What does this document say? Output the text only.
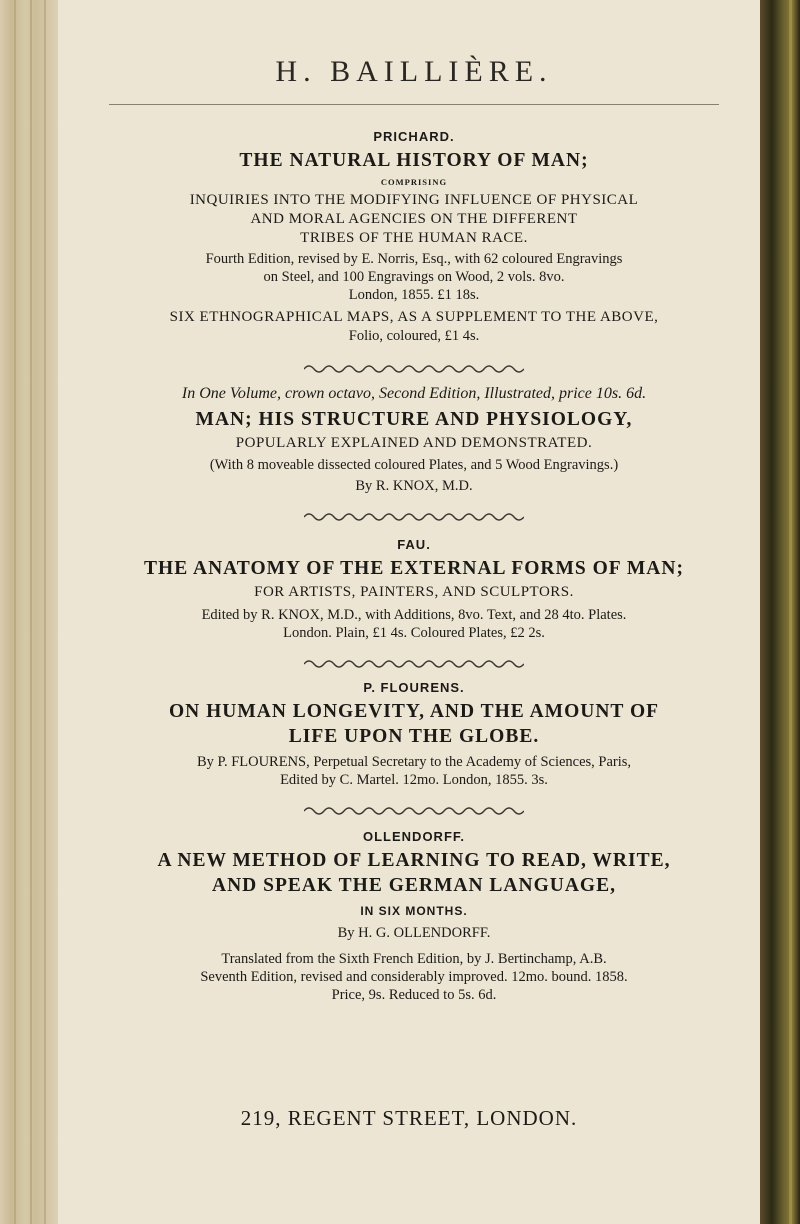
H. BAILLIÈRE.

PRICHARD.

THE NATURAL HISTORY OF MAN;

COMPRISING

INQUIRIES INTO THE MODIFYING INFLUENCE OF PHYSICAL

AND MORAL AGENCIES ON THE DIFFERENT

TRIBES OF THE HUMAN RACE.

Fourth Edition, revised by E. Norris, Esq., with 62 coloured Engravings

on Steel, and 100 Engravings on Wood, 2 vols. 8vo.

London, 1855. £1 18s.

SIX ETHNOGRAPHICAL MAPS, AS A SUPPLEMENT TO THE ABOVE,

Folio, coloured, £1 4s.

In One Volume, crown octavo, Second Edition, Illustrated, price 10s. 6d.

MAN; HIS STRUCTURE AND PHYSIOLOGY,

POPULARLY EXPLAINED AND DEMONSTRATED.

(With 8 moveable dissected coloured Plates, and 5 Wood Engravings.)

By R. KNOX, M.D.

FAU.

THE ANATOMY OF THE EXTERNAL FORMS OF MAN;

FOR ARTISTS, PAINTERS, AND SCULPTORS.

Edited by R. KNOX, M.D., with Additions, 8vo. Text, and 28 4to. Plates.

London. Plain, £1 4s. Coloured Plates, £2 2s.

P. FLOURENS.

ON HUMAN LONGEVITY, AND THE AMOUNT OF

LIFE UPON THE GLOBE.

By P. FLOURENS, Perpetual Secretary to the Academy of Sciences, Paris,

Edited by C. Martel. 12mo. London, 1855. 3s.

OLLENDORFF.

A NEW METHOD OF LEARNING TO READ, WRITE,

AND SPEAK THE GERMAN LANGUAGE,

IN SIX MONTHS.

By H. G. OLLENDORFF.

Translated from the Sixth French Edition, by J. Bertinchamp, A.B.

Seventh Edition, revised and considerably improved. 12mo. bound. 1858.

Price, 9s. Reduced to 5s. 6d.

219, REGENT STREET, LONDON.
